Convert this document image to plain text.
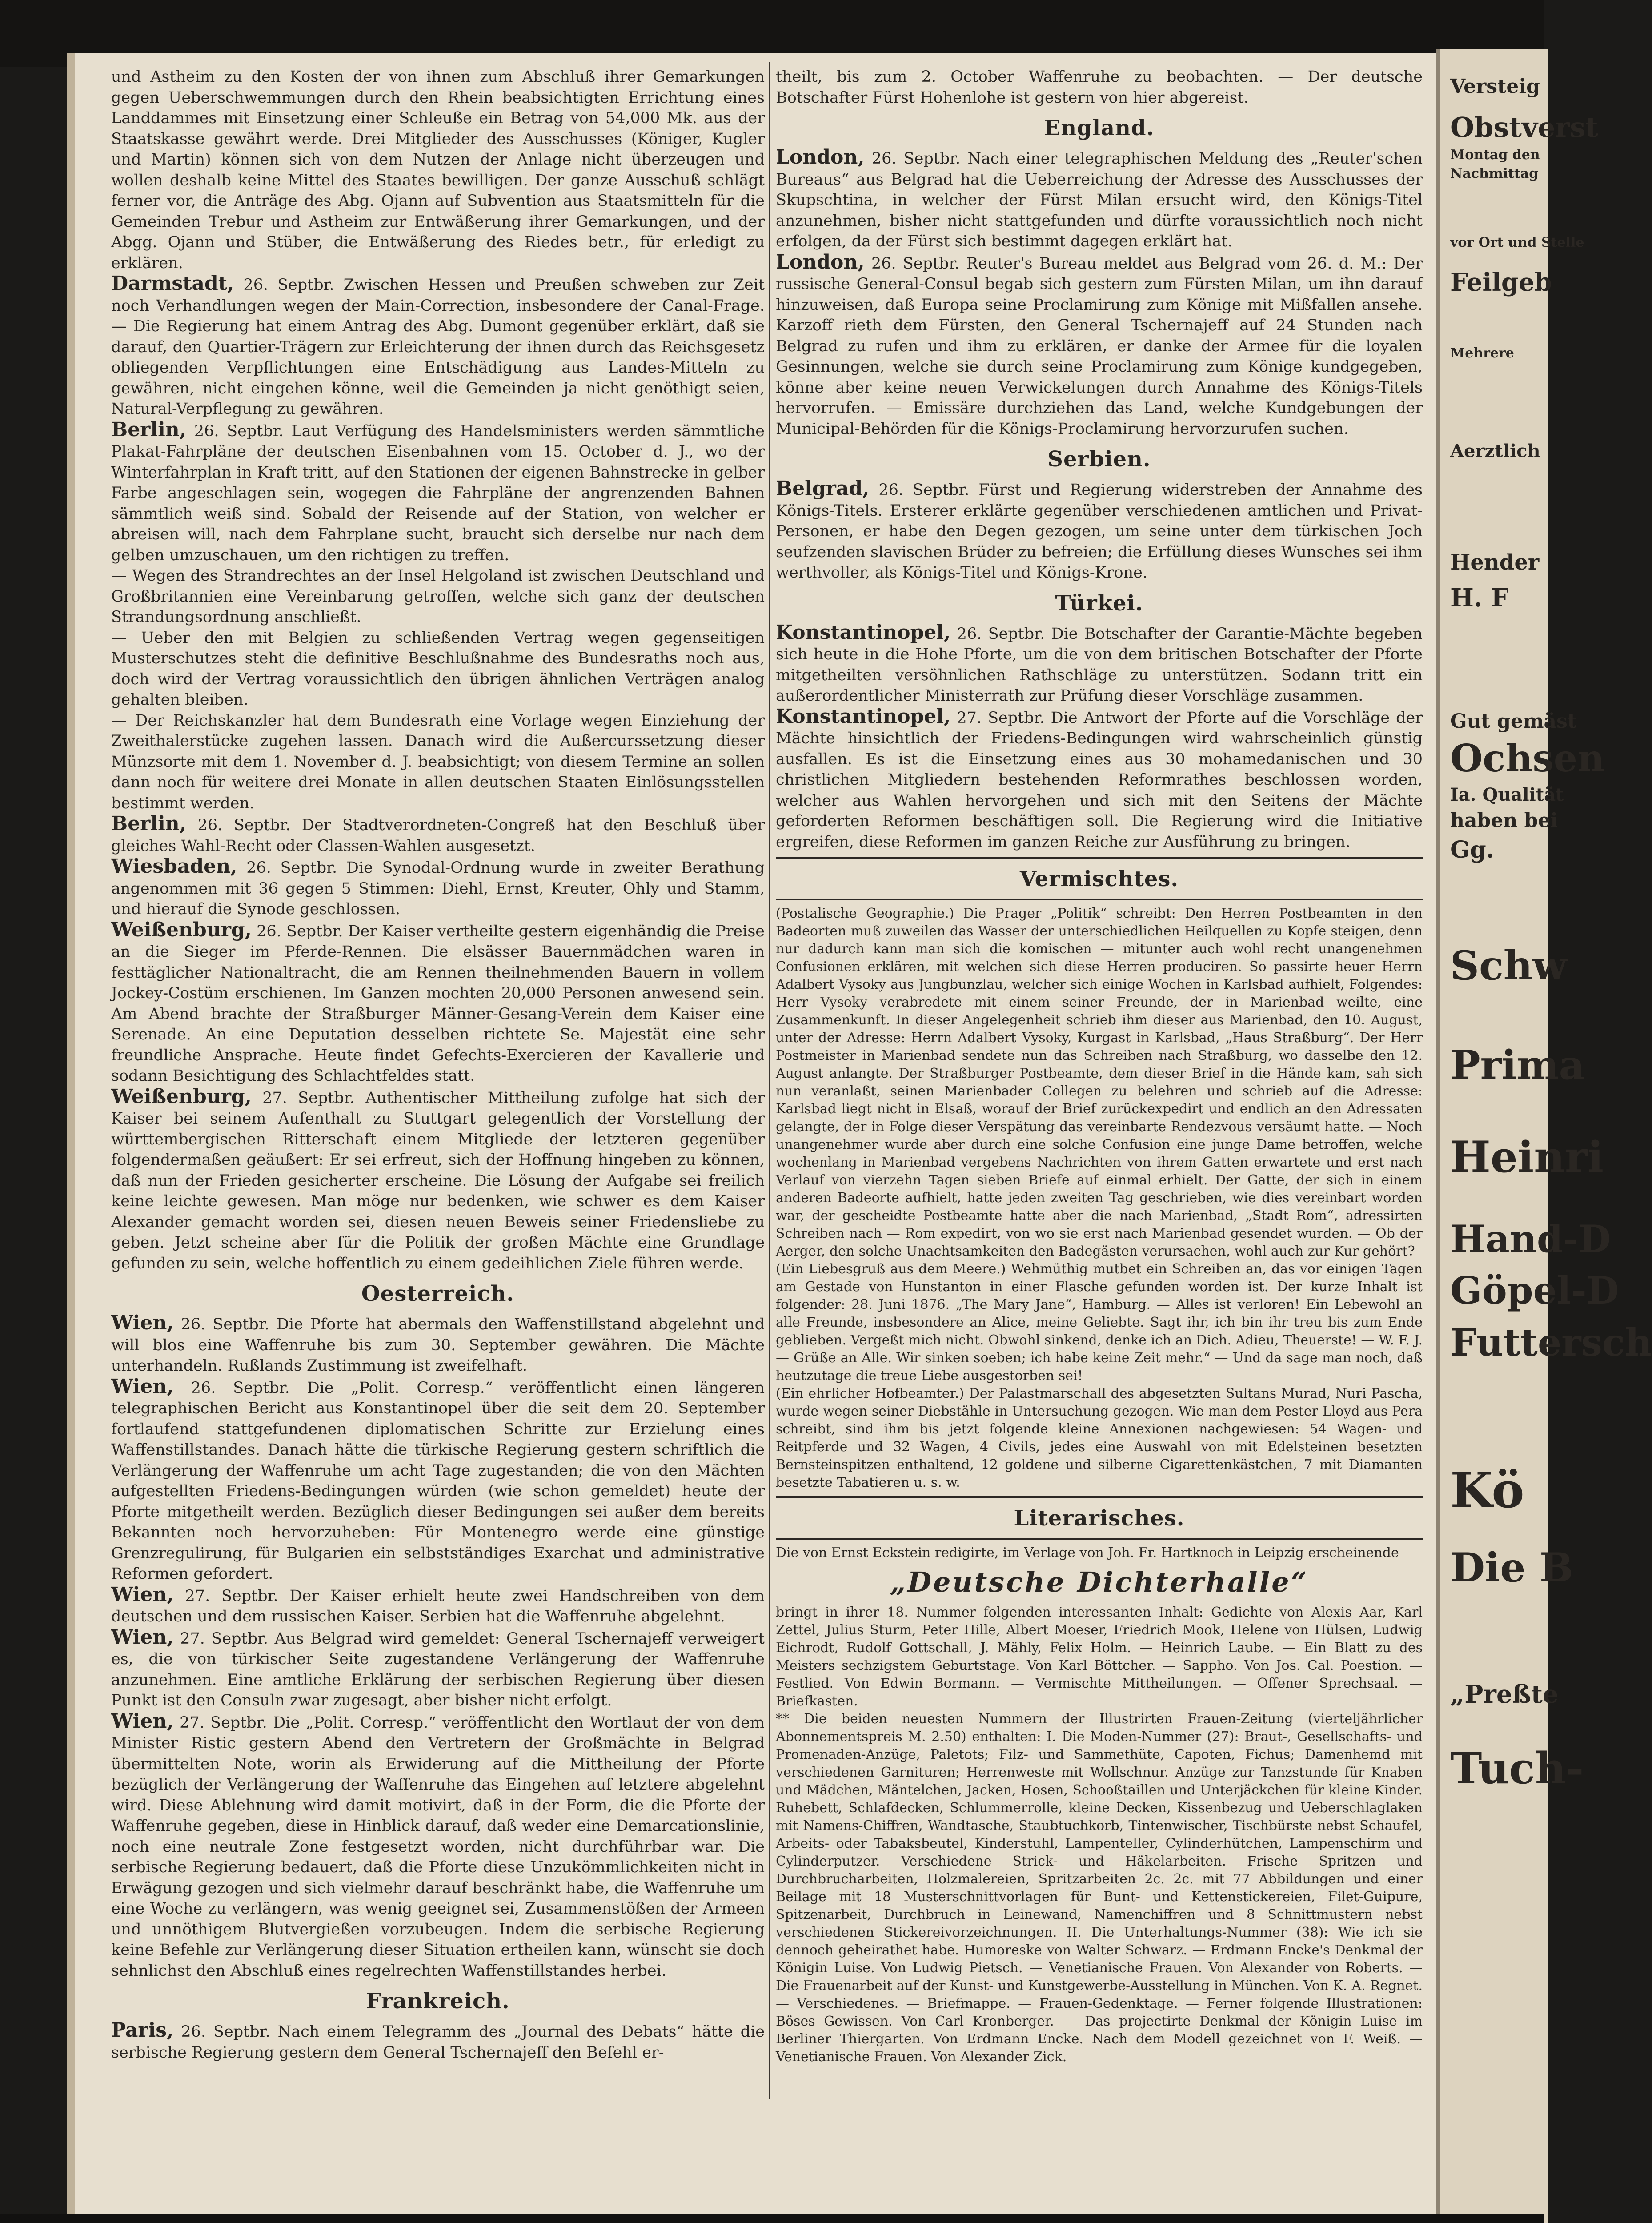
und Astheim zu den Kosten der von ihnen zum Abschluß ihrer Gemarkungen gegen Ueberschwemmungen durch den Rhein beabsichtigten Errichtung eines Landdammes mit Einsetzung einer Schleuße ein Betrag von 54,000 Mk. aus der Staatskasse gewährt werde. Drei Mitglieder des Ausschusses (Königer, Kugler und Martin) können sich von dem Nutzen der Anlage nicht überzeugen und wollen deshalb keine Mittel des Staates bewilligen. Der ganze Ausschuß schlägt ferner vor, die Anträge des Abg. Ojann auf Subvention aus Staatsmitteln für die Gemeinden Trebur und Astheim zur Entwäßerung ihrer Gemarkungen, und der Abgg. Ojann und Stüber, die Entwäßerung des Riedes betr., für erledigt zu erklären.

Darmstadt, 26. Septbr. Zwischen Hessen und Preußen schweben zur Zeit noch Verhandlungen wegen der Main-Correction, insbesondere der Canal-Frage. — Die Regierung hat einem Antrag des Abg. Dumont gegenüber erklärt, daß sie darauf, den Quartier-Trägern zur Erleichterung der ihnen durch das Reichsgesetz obliegenden Verpflichtungen eine Entschädigung aus Landes-Mitteln zu gewähren, nicht eingehen könne, weil die Gemeinden ja nicht genöthigt seien, Natural-Verpflegung zu gewähren.

Berlin, 26. Septbr. Laut Verfügung des Handelsministers werden sämmtliche Plakat-Fahrpläne der deutschen Eisenbahnen vom 15. October d. J., wo der Winterfahrplan in Kraft tritt, auf den Stationen der eigenen Bahnstrecke in gelber Farbe angeschlagen sein, wogegen die Fahrpläne der angrenzenden Bahnen sämmtlich weiß sind. Sobald der Reisende auf der Station, von welcher er abreisen will, nach dem Fahrplane sucht, braucht sich derselbe nur nach dem gelben umzuschauen, um den richtigen zu treffen.

— Wegen des Strandrechtes an der Insel Helgoland ist zwischen Deutschland und Großbritannien eine Vereinbarung getroffen, welche sich ganz der deutschen Strandungsordnung anschließt.

— Ueber den mit Belgien zu schließenden Vertrag wegen gegenseitigen Musterschutzes steht die definitive Beschlußnahme des Bundesraths noch aus, doch wird der Vertrag voraussichtlich den übrigen ähnlichen Verträgen analog gehalten bleiben.

— Der Reichskanzler hat dem Bundesrath eine Vorlage wegen Einziehung der Zweithalerstücke zugehen lassen. Danach wird die Außercurssetzung dieser Münzsorte mit dem 1. November d. J. beabsichtigt; von diesem Termine an sollen dann noch für weitere drei Monate in allen deutschen Staaten Einlösungsstellen bestimmt werden.

Berlin, 26. Septbr. Der Stadtverordneten-Congreß hat den Beschluß über gleiches Wahl-Recht oder Classen-Wahlen ausgesetzt.

Wiesbaden, 26. Septbr. Die Synodal-Ordnung wurde in zweiter Berathung angenommen mit 36 gegen 5 Stimmen: Diehl, Ernst, Kreuter, Ohly und Stamm, und hierauf die Synode geschlossen.

Weißenburg, 26. Septbr. Der Kaiser vertheilte gestern eigenhändig die Preise an die Sieger im Pferde-Rennen. Die elsässer Bauernmädchen waren in festtäglicher Nationaltracht, die am Rennen theilnehmenden Bauern in vollem Jockey-Costüm erschienen. Im Ganzen mochten 20,000 Personen anwesend sein. Am Abend brachte der Straßburger Männer-Gesang-Verein dem Kaiser eine Serenade. An eine Deputation desselben richtete Se. Majestät eine sehr freundliche Ansprache. Heute findet Gefechts-Exercieren der Kavallerie und sodann Besichtigung des Schlachtfeldes statt.

Weißenburg, 27. Septbr. Authentischer Mittheilung zufolge hat sich der Kaiser bei seinem Aufenthalt zu Stuttgart gelegentlich der Vorstellung der württembergischen Ritterschaft einem Mitgliede der letzteren gegenüber folgendermaßen geäußert: Er sei erfreut, sich der Hoffnung hingeben zu können, daß nun der Frieden gesicherter erscheine. Die Lösung der Aufgabe sei freilich keine leichte gewesen. Man möge nur bedenken, wie schwer es dem Kaiser Alexander gemacht worden sei, diesen neuen Beweis seiner Friedensliebe zu geben. Jetzt scheine aber für die Politik der großen Mächte eine Grundlage gefunden zu sein, welche hoffentlich zu einem gedeihlichen Ziele führen werde.

Oesterreich.

Wien, 26. Septbr. Die Pforte hat abermals den Waffenstillstand abgelehnt und will blos eine Waffenruhe bis zum 30. September gewähren. Die Mächte unterhandeln. Rußlands Zustimmung ist zweifelhaft.

Wien, 26. Septbr. Die „Polit. Corresp.“ veröffentlicht einen längeren telegraphischen Bericht aus Konstantinopel über die seit dem 20. September fortlaufend stattgefundenen diplomatischen Schritte zur Erzielung eines Waffenstillstandes. Danach hätte die türkische Regierung gestern schriftlich die Verlängerung der Waffenruhe um acht Tage zugestanden; die von den Mächten aufgestellten Friedens-Bedingungen würden (wie schon gemeldet) heute der Pforte mitgetheilt werden. Bezüglich dieser Bedingungen sei außer dem bereits Bekannten noch hervorzuheben: Für Montenegro werde eine günstige Grenzregulirung, für Bulgarien ein selbstständiges Exarchat und administrative Reformen gefordert.

Wien, 27. Septbr. Der Kaiser erhielt heute zwei Handschreiben von dem deutschen und dem russischen Kaiser. Serbien hat die Waffenruhe abgelehnt.

Wien, 27. Septbr. Aus Belgrad wird gemeldet: General Tschernajeff verweigert es, die von türkischer Seite zugestandene Verlängerung der Waffenruhe anzunehmen. Eine amtliche Erklärung der serbischen Regierung über diesen Punkt ist den Consuln zwar zugesagt, aber bisher nicht erfolgt.

Wien, 27. Septbr. Die „Polit. Corresp.“ veröffentlicht den Wortlaut der von dem Minister Ristic gestern Abend den Vertretern der Großmächte in Belgrad übermittelten Note, worin als Erwiderung auf die Mittheilung der Pforte bezüglich der Verlängerung der Waffenruhe das Eingehen auf letztere abgelehnt wird. Diese Ablehnung wird damit motivirt, daß in der Form, die die Pforte der Waffenruhe gegeben, diese in Hinblick darauf, daß weder eine Demarcationslinie, noch eine neutrale Zone festgesetzt worden, nicht durchführbar war. Die serbische Regierung bedauert, daß die Pforte diese Unzukömmlichkeiten nicht in Erwägung gezogen und sich vielmehr darauf beschränkt habe, die Waffenruhe um eine Woche zu verlängern, was wenig geeignet sei, Zusammenstößen der Armeen und unnöthigem Blutvergießen vorzubeugen. Indem die serbische Regierung keine Befehle zur Verlängerung dieser Situation ertheilen kann, wünscht sie doch sehnlichst den Abschluß eines regelrechten Waffenstillstandes herbei.

Frankreich.

Paris, 26. Septbr. Nach einem Telegramm des „Journal des Debats“ hätte die serbische Regierung gestern dem General Tschernajeff den Befehl er-

theilt, bis zum 2. October Waffenruhe zu beobachten. — Der deutsche Botschafter Fürst Hohenlohe ist gestern von hier abgereist.

England.

London, 26. Septbr. Nach einer telegraphischen Meldung des „Reuter'schen Bureaus“ aus Belgrad hat die Ueberreichung der Adresse des Ausschusses der Skupschtina, in welcher der Fürst Milan ersucht wird, den Königs-Titel anzunehmen, bisher nicht stattgefunden und dürfte voraussichtlich noch nicht erfolgen, da der Fürst sich bestimmt dagegen erklärt hat.

London, 26. Septbr. Reuter's Bureau meldet aus Belgrad vom 26. d. M.: Der russische General-Consul begab sich gestern zum Fürsten Milan, um ihn darauf hinzuweisen, daß Europa seine Proclamirung zum Könige mit Mißfallen ansehe. Karzoff rieth dem Fürsten, den General Tschernajeff auf 24 Stunden nach Belgrad zu rufen und ihm zu erklären, er danke der Armee für die loyalen Gesinnungen, welche sie durch seine Proclamirung zum Könige kundgegeben, könne aber keine neuen Verwickelungen durch Annahme des Königs-Titels hervorrufen. — Emissäre durchziehen das Land, welche Kundgebungen der Municipal-Behörden für die Königs-Proclamirung hervorzurufen suchen.

Serbien.

Belgrad, 26. Septbr. Fürst und Regierung widerstreben der Annahme des Königs-Titels. Ersterer erklärte gegenüber verschiedenen amtlichen und Privat-Personen, er habe den Degen gezogen, um seine unter dem türkischen Joch seufzenden slavischen Brüder zu befreien; die Erfüllung dieses Wunsches sei ihm werthvoller, als Königs-Titel und Königs-Krone.

Türkei.

Konstantinopel, 26. Septbr. Die Botschafter der Garantie-Mächte begeben sich heute in die Hohe Pforte, um die von dem britischen Botschafter der Pforte mitgetheilten versöhnlichen Rathschläge zu unterstützen. Sodann tritt ein außerordentlicher Ministerrath zur Prüfung dieser Vorschläge zusammen.

Konstantinopel, 27. Septbr. Die Antwort der Pforte auf die Vorschläge der Mächte hinsichtlich der Friedens-Bedingungen wird wahrscheinlich günstig ausfallen. Es ist die Einsetzung eines aus 30 mohamedanischen und 30 christlichen Mitgliedern bestehenden Reformrathes beschlossen worden, welcher aus Wahlen hervorgehen und sich mit den Seitens der Mächte geforderten Reformen beschäftigen soll. Die Regierung wird die Initiative ergreifen, diese Reformen im ganzen Reiche zur Ausführung zu bringen.

Vermischtes.

(Postalische Geographie.) Die Prager „Politik“ schreibt: Den Herren Postbeamten in den Badeorten muß zuweilen das Wasser der unterschiedlichen Heilquellen zu Kopfe steigen, denn nur dadurch kann man sich die komischen — mitunter auch wohl recht unangenehmen Confusionen erklären, mit welchen sich diese Herren produciren. So passirte heuer Herrn Adalbert Vysoky aus Jungbunzlau, welcher sich einige Wochen in Karlsbad aufhielt, Folgendes: Herr Vysoky verabredete mit einem seiner Freunde, der in Marienbad weilte, eine Zusammenkunft. In dieser Angelegenheit schrieb ihm dieser aus Marienbad, den 10. August, unter der Adresse: Herrn Adalbert Vysoky, Kurgast in Karlsbad, „Haus Straßburg“. Der Herr Postmeister in Marienbad sendete nun das Schreiben nach Straßburg, wo dasselbe den 12. August anlangte. Der Straßburger Postbeamte, dem dieser Brief in die Hände kam, sah sich nun veranlaßt, seinen Marienbader Collegen zu belehren und schrieb auf die Adresse: Karlsbad liegt nicht in Elsaß, worauf der Brief zurückexpedirt und endlich an den Adressaten gelangte, der in Folge dieser Verspätung das vereinbarte Rendezvous versäumt hatte. — Noch unangenehmer wurde aber durch eine solche Confusion eine junge Dame betroffen, welche wochenlang in Marienbad vergebens Nachrichten von ihrem Gatten erwartete und erst nach Verlauf von vierzehn Tagen sieben Briefe auf einmal erhielt. Der Gatte, der sich in einem anderen Badeorte aufhielt, hatte jeden zweiten Tag geschrieben, wie dies vereinbart worden war, der gescheidte Postbeamte hatte aber die nach Marienbad, „Stadt Rom“, adressirten Schreiben nach — Rom expedirt, von wo sie erst nach Marienbad gesendet wurden. — Ob der Aerger, den solche Unachtsamkeiten den Badegästen verursachen, wohl auch zur Kur gehört?

(Ein Liebesgruß aus dem Meere.) Wehmüthig mutbet ein Schreiben an, das vor einigen Tagen am Gestade von Hunstanton in einer Flasche gefunden worden ist. Der kurze Inhalt ist folgender: 28. Juni 1876. „The Mary Jane“, Hamburg. — Alles ist verloren! Ein Lebewohl an alle Freunde, insbesondere an Alice, meine Geliebte. Sagt ihr, ich bin ihr treu bis zum Ende geblieben. Vergeßt mich nicht. Obwohl sinkend, denke ich an Dich. Adieu, Theuerste! — W. F. J. — Grüße an Alle. Wir sinken soeben; ich habe keine Zeit mehr.“ — Und da sage man noch, daß heutzutage die treue Liebe ausgestorben sei!

(Ein ehrlicher Hofbeamter.) Der Palastmarschall des abgesetzten Sultans Murad, Nuri Pascha, wurde wegen seiner Diebstähle in Untersuchung gezogen. Wie man dem Pester Lloyd aus Pera schreibt, sind ihm bis jetzt folgende kleine Annexionen nachgewiesen: 54 Wagen- und Reitpferde und 32 Wagen, 4 Civils, jedes eine Auswahl von mit Edelsteinen besetzten Bernsteinspitzen enthaltend, 12 goldene und silberne Cigarettenkästchen, 7 mit Diamanten besetzte Tabatieren u. s. w.

Literarisches.

Die von Ernst Eckstein redigirte, im Verlage von Joh. Fr. Hartknoch in Leipzig erscheinende

„Deutsche Dichterhalle“

bringt in ihrer 18. Nummer folgenden interessanten Inhalt: Gedichte von Alexis Aar, Karl Zettel, Julius Sturm, Peter Hille, Albert Moeser, Friedrich Mook, Helene von Hülsen, Ludwig Eichrodt, Rudolf Gottschall, J. Mähly, Felix Holm. — Heinrich Laube. — Ein Blatt zu des Meisters sechzigstem Geburtstage. Von Karl Böttcher. — Sappho. Von Jos. Cal. Poestion. — Festlied. Von Edwin Bormann. — Vermischte Mittheilungen. — Offener Sprechsaal. — Briefkasten.

** Die beiden neuesten Nummern der Illustrirten Frauen-Zeitung (vierteljährlicher Abonnementspreis M. 2.50) enthalten: I. Die Moden-Nummer (27): Braut-, Gesellschafts- und Promenaden-Anzüge, Paletots; Filz- und Sammethüte, Capoten, Fichus; Damenhemd mit verschiedenen Garnituren; Herrenweste mit Wollschnur. Anzüge zur Tanzstunde für Knaben und Mädchen, Mäntelchen, Jacken, Hosen, Schooßtaillen und Unterjäckchen für kleine Kinder. Ruhebett, Schlafdecken, Schlummerrolle, kleine Decken, Kissenbezug und Ueberschlaglaken mit Namens-Chiffren, Wandtasche, Staubtuchkorb, Tintenwischer, Tischbürste nebst Schaufel, Arbeits- oder Tabaksbeutel, Kinderstuhl, Lampenteller, Cylinderhütchen, Lampenschirm und Cylinderputzer. Verschiedene Strick- und Häkelarbeiten. Frische Spritzen und Durchbrucharbeiten, Holzmalereien, Spritzarbeiten 2c. 2c. mit 77 Abbildungen und einer Beilage mit 18 Musterschnittvorlagen für Bunt- und Kettenstickereien, Filet-Guipure, Spitzenarbeit, Durchbruch in Leinewand, Namenchiffren und 8 Schnittmustern nebst verschiedenen Stickereivorzeichnungen. II. Die Unterhaltungs-Nummer (38): Wie ich sie dennoch geheirathet habe. Humoreske von Walter Schwarz. — Erdmann Encke's Denkmal der Königin Luise. Von Ludwig Pietsch. — Venetianische Frauen. Von Alexander von Roberts. — Die Frauenarbeit auf der Kunst- und Kunstgewerbe-Ausstellung in München. Von K. A. Regnet. — Verschiedenes. — Briefmappe. — Frauen-Gedenktage. — Ferner folgende Illustrationen: Böses Gewissen. Von Carl Kronberger. — Das projectirte Denkmal der Königin Luise im Berliner Thiergarten. Von Erdmann Encke. Nach dem Modell gezeichnet von F. Weiß. — Venetianische Frauen. Von Alexander Zick.

Versteig
Obstverst
Montag den
Nachmittag
vor Ort und Stelle
Feilgeb
Mehrere
Aerztlich
Hender
H. F
Gut gemäst
Ochsen
Ia. Qualität
haben bei
Gg.
Schw
Prima
Heinri
Hand-D
Göpel-D
Futtersch
Kö
Die B
„Preßte
Tuch-
